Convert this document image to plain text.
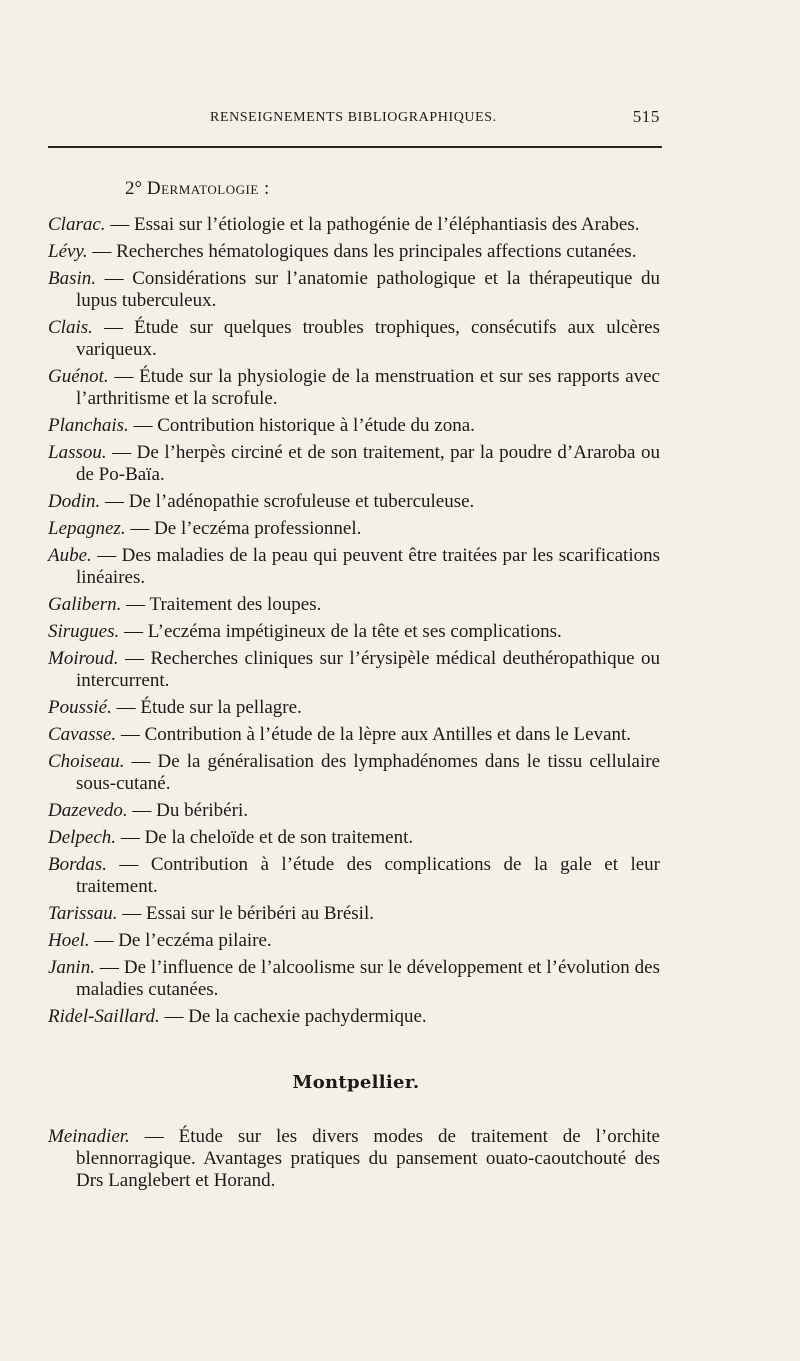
RENSEIGNEMENTS BIBLIOGRAPHIQUES.	515
2° Dermatologie :

Clarac. — Essai sur l’étiologie et la pathogénie de l’éléphantiasis des Arabes.

Lévy. — Recherches hématologiques dans les principales affections cutanées.

Basin. — Considérations sur l’anatomie pathologique et la thérapeutique du lupus tuberculeux.

Clais. — Étude sur quelques troubles trophiques, consécutifs aux ulcères variqueux.

Guénot. — Étude sur la physiologie de la menstruation et sur ses rapports avec l’arthritisme et la scrofule.

Planchais. — Contribution historique à l’étude du zona.

Lassou. — De l’herpès circiné et de son traitement, par la poudre d’Araroba ou de Po-Baïa.

Dodin. — De l’adénopathie scrofuleuse et tuberculeuse.

Lepagnez. — De l’eczéma professionnel.

Aube. — Des maladies de la peau qui peuvent être traitées par les scarifications linéaires.

Galibern. — Traitement des loupes.

Sirugues. — L’eczéma impétigineux de la tête et ses complications.

Moiroud. — Recherches cliniques sur l’érysipèle médical deuthéropathique ou intercurrent.

Poussié. — Étude sur la pellagre.

Cavasse. — Contribution à l’étude de la lèpre aux Antilles et dans le Levant.

Choiseau. — De la généralisation des lymphadénomes dans le tissu cellulaire sous-cutané.

Dazevedo. — Du béribéri.

Delpech. — De la cheloïde et de son traitement.

Bordas. — Contribution à l’étude des complications de la gale et leur traitement.

Tarissau. — Essai sur le béribéri au Brésil.

Hoel. — De l’eczéma pilaire.

Janin. — De l’influence de l’alcoolisme sur le développement et l’évolution des maladies cutanées.

Ridel-Saillard. — De la cachexie pachydermique.

Montpellier.

Meinadier. — Étude sur les divers modes de traitement de l’orchite blennorragique. Avantages pratiques du pansement ouato-caoutchouté des Drs Langlebert et Horand.
